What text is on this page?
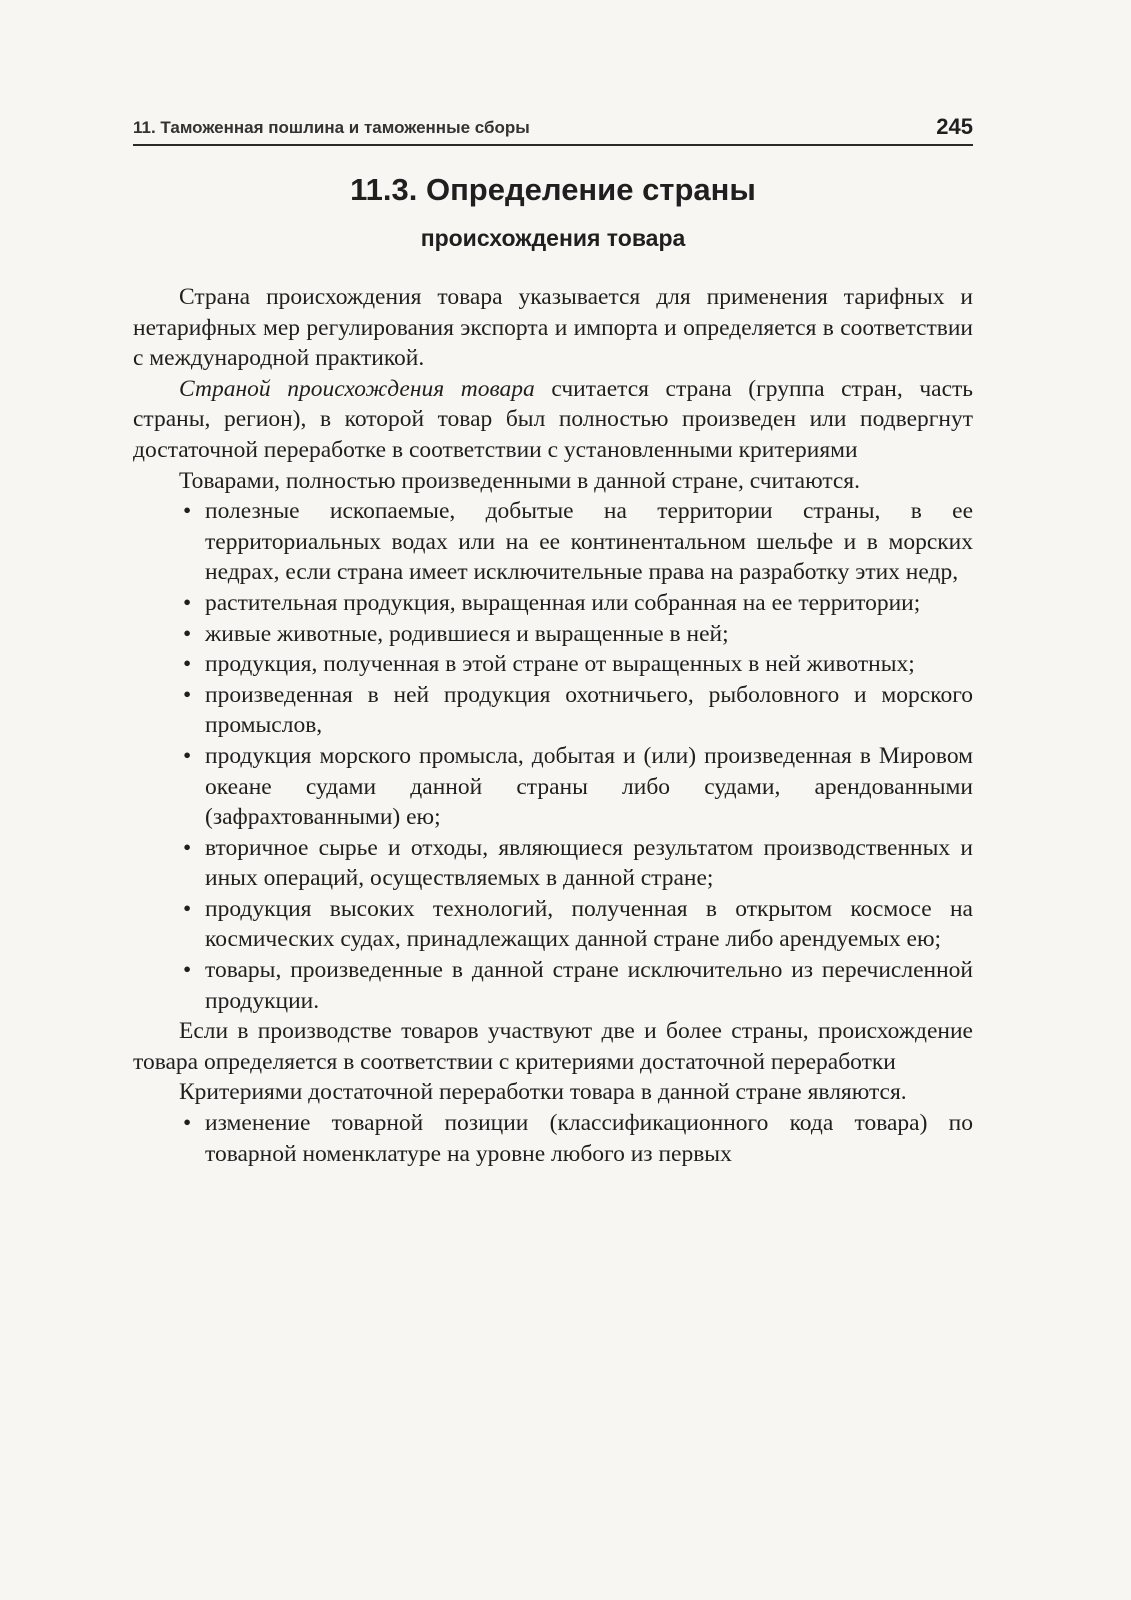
11. Таможенная пошлина и таможенные сборы	245
11.3. Определение страны
происхождения товара

Страна происхождения товара указывается для применения тарифных и нетарифных мер регулирования экспорта и импорта и определяется в соответствии с международной практикой.

Страной происхождения товара считается страна (группа стран, часть страны, регион), в которой товар был полностью произведен или подвергнут достаточной переработке в соответствии с установленными критериями

Товарами, полностью произведенными в данной стране, считаются.

• полезные ископаемые, добытые на территории страны, в ее территориальных водах или на ее континентальном шельфе и в морских недрах, если страна имеет исключительные права на разработку этих недр,
• растительная продукция, выращенная или собранная на ее территории;
• живые животные, родившиеся и выращенные в ней;
• продукция, полученная в этой стране от выращенных в ней животных;
• произведенная в ней продукция охотничьего, рыболовного и морского промыслов,
• продукция морского промысла, добытая и (или) произведенная в Мировом океане судами данной страны либо судами, арендованными (зафрахтованными) ею;
• вторичное сырье и отходы, являющиеся результатом производственных и иных операций, осуществляемых в данной стране;
• продукция высоких технологий, полученная в открытом космосе на космических судах, принадлежащих данной стране либо арендуемых ею;
• товары, произведенные в данной стране исключительно из перечисленной продукции.

Если в производстве товаров участвуют две и более страны, происхождение товара определяется в соответствии с критериями достаточной переработки

Критериями достаточной переработки товара в данной стране являются.

• изменение товарной позиции (классификационного кода товара) по товарной номенклатуре на уровне любого из первых
